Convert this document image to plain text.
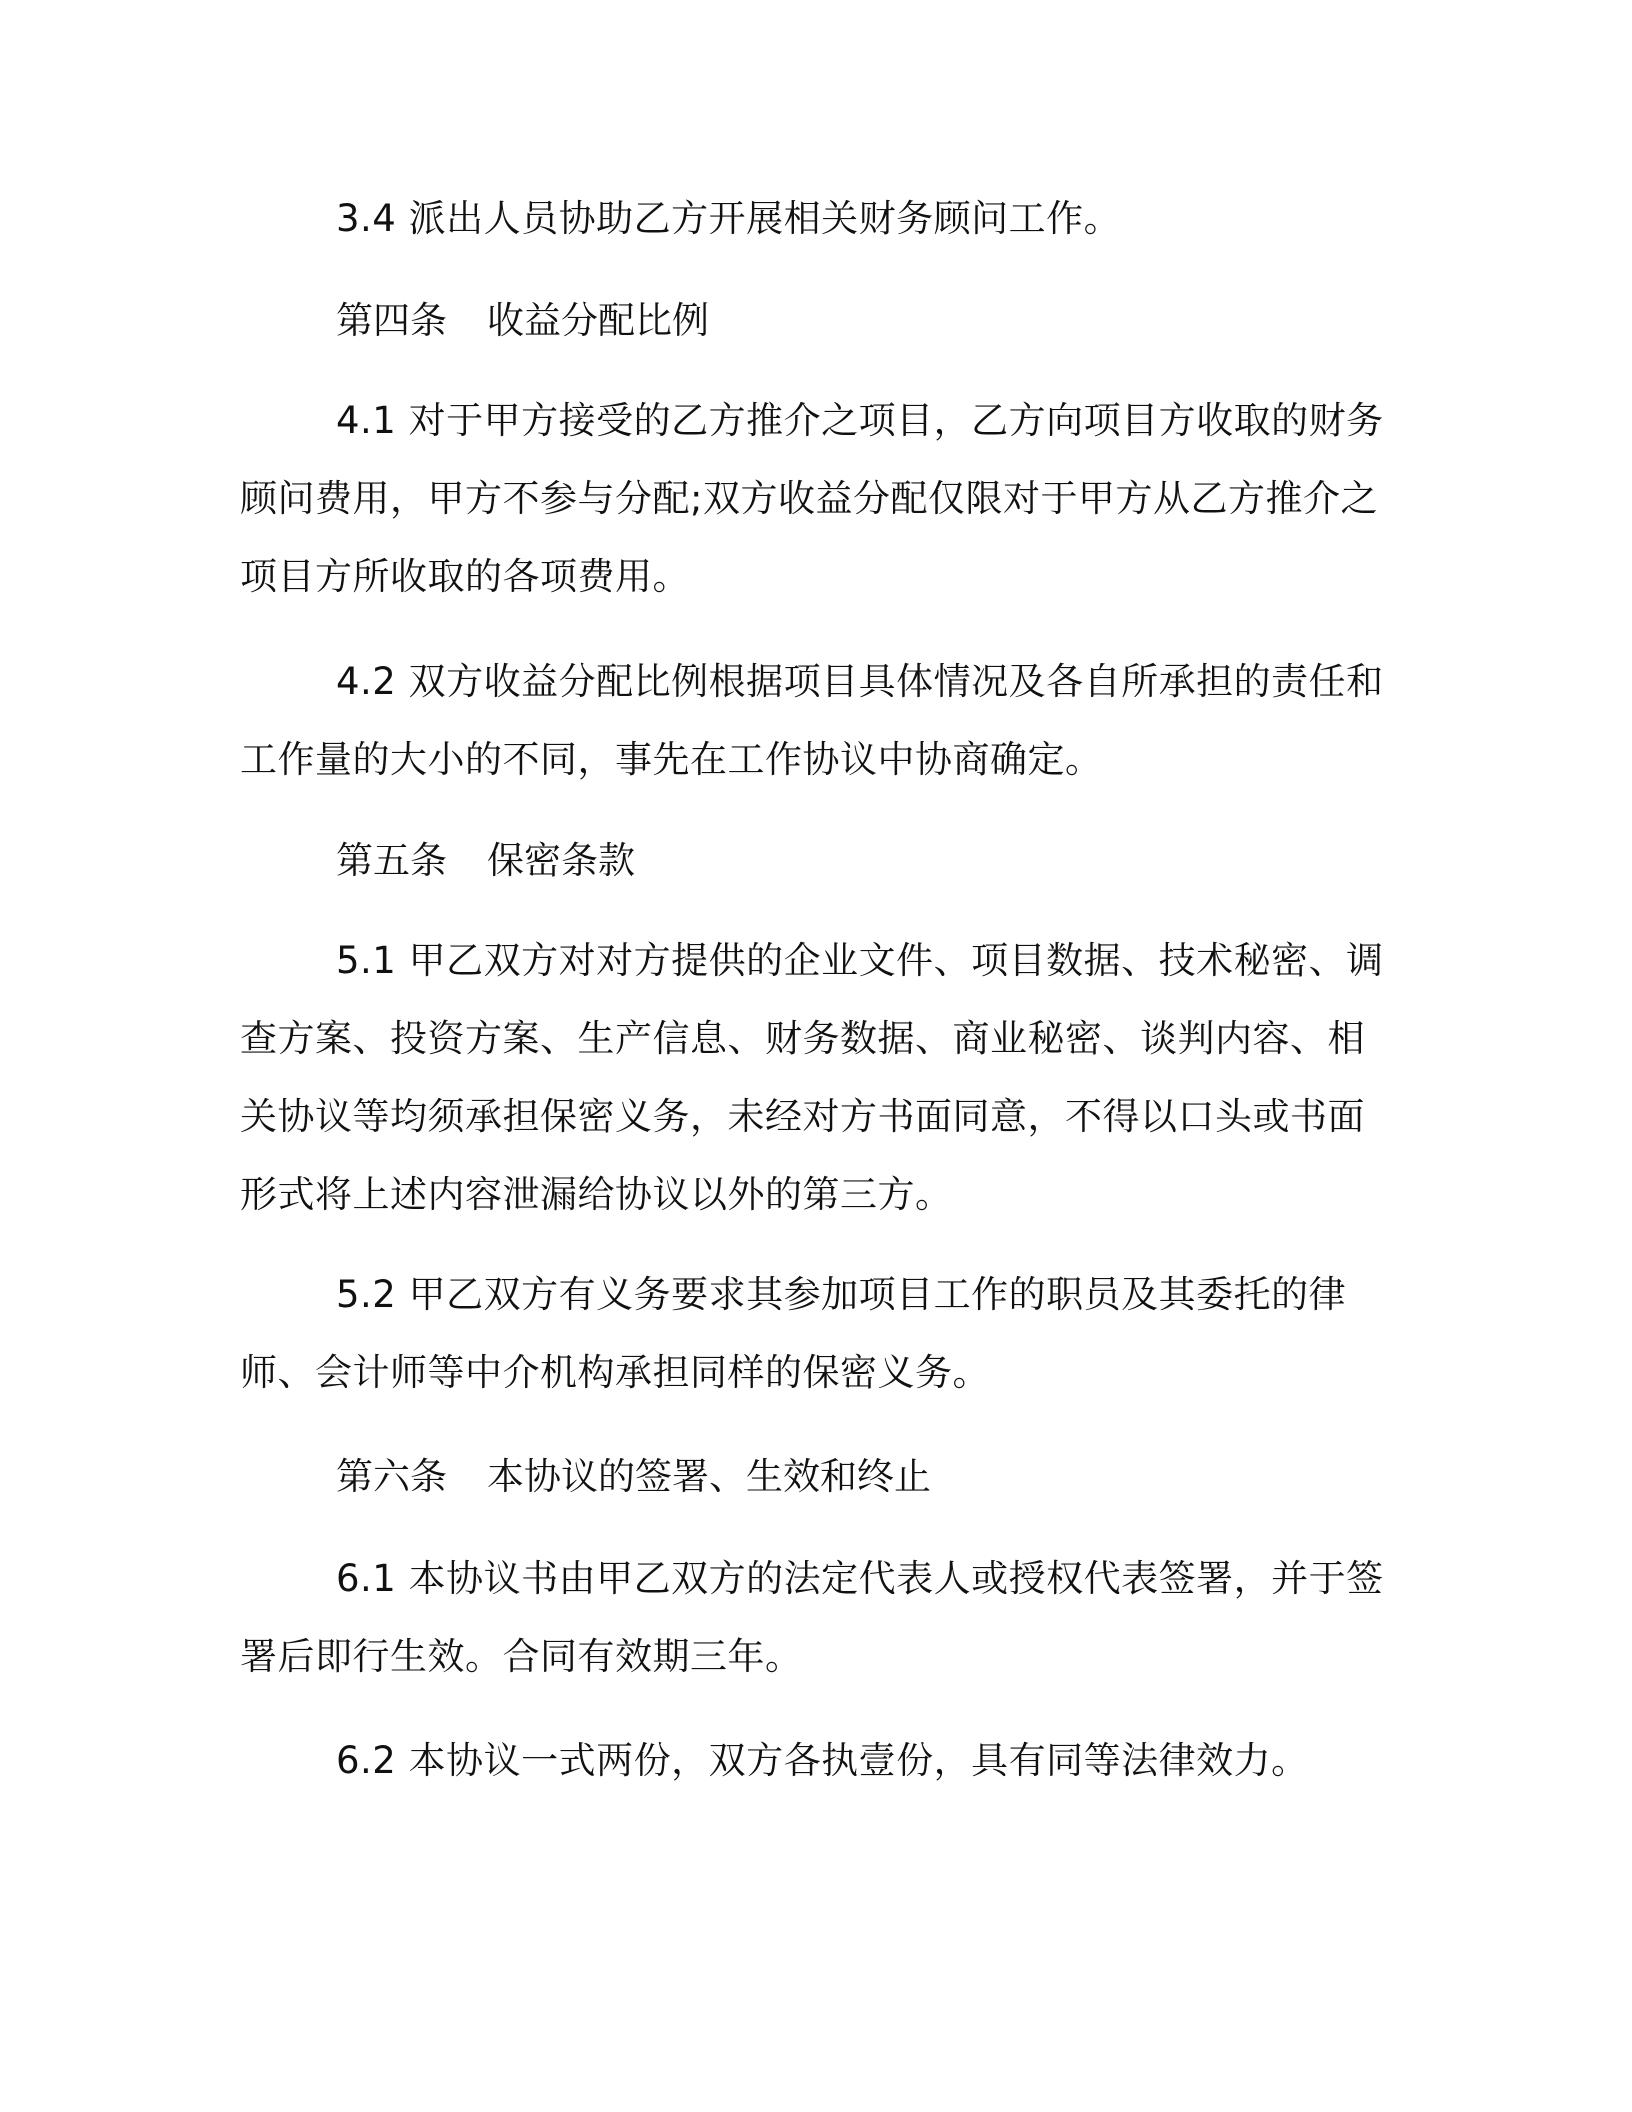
3.4 派出人员协助乙方开展相关财务顾问工作。

第四条 收益分配比例

4.1 对于甲方接受的乙方推介之项目，乙方向项目方收取的财务顾问费用，甲方不参与分配;双方收益分配仅限对于甲方从乙方推介之项目方所收取的各项费用。

4.2 双方收益分配比例根据项目具体情况及各自所承担的责任和工作量的大小的不同，事先在工作协议中协商确定。

第五条 保密条款

5.1 甲乙双方对对方提供的企业文件、项目数据、技术秘密、调查方案、投资方案、生产信息、财务数据、商业秘密、谈判内容、相关协议等均须承担保密义务，未经对方书面同意，不得以口头或书面形式将上述内容泄漏给协议以外的第三方。

5.2 甲乙双方有义务要求其参加项目工作的职员及其委托的律师、会计师等中介机构承担同样的保密义务。

第六条 本协议的签署、生效和终止

6.1 本协议书由甲乙双方的法定代表人或授权代表签署，并于签署后即行生效。合同有效期三年。

6.2 本协议一式两份，双方各执壹份，具有同等法律效力。
